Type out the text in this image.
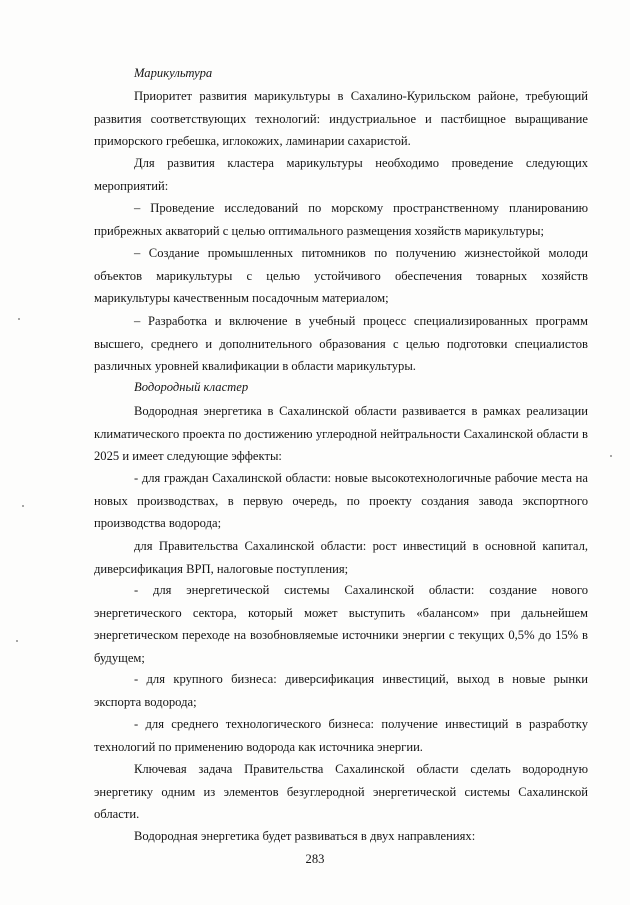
Марикультура

Приоритет развития марикультуры в Сахалино-Курильском районе, требующий развития соответствующих технологий: индустриальное и пастбищное выращивание приморского гребешка, иглокожих, ламинарии сахаристой.

Для развития кластера марикультуры необходимо проведение следующих мероприятий:

– Проведение исследований по морскому пространственному планированию прибрежных акваторий с целью оптимального размещения хозяйств марикультуры;

– Создание промышленных питомников по получению жизнестойкой молоди объектов марикультуры с целью устойчивого обеспечения товарных хозяйств марикультуры качественным посадочным материалом;

– Разработка и включение в учебный процесс специализированных программ высшего, среднего и дополнительного образования с целью подготовки специалистов различных уровней квалификации в области марикультуры.

Водородный кластер

Водородная энергетика в Сахалинской области развивается в рамках реализации климатического проекта по достижению углеродной нейтральности Сахалинской области в 2025 и имеет следующие эффекты:

- для граждан Сахалинской области: новые высокотехнологичные рабочие места на новых производствах, в первую очередь, по проекту создания завода экспортного производства водорода;

для Правительства Сахалинской области: рост инвестиций в основной капитал, диверсификация ВРП, налоговые поступления;

- для энергетической системы Сахалинской области: создание нового энергетического сектора, который может выступить «балансом» при дальнейшем энергетическом переходе на возобновляемые источники энергии с текущих 0,5% до 15% в будущем;

- для крупного бизнеса: диверсификация инвестиций, выход в новые рынки экспорта водорода;

- для среднего технологического бизнеса: получение инвестиций в разработку технологий по применению водорода как источника энергии.

Ключевая задача Правительства Сахалинской области сделать водородную энергетику одним из элементов безуглеродной энергетической системы Сахалинской области.

Водородная энергетика будет развиваться в двух направлениях:

283
